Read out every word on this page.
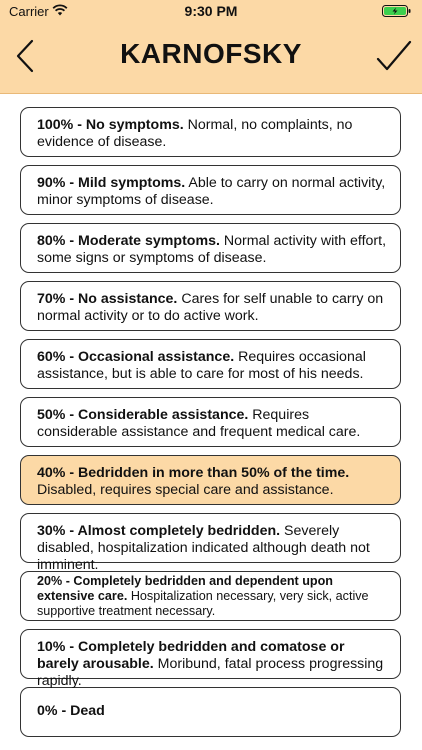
Carrier	9:30 PM
KARNOFSKY
100% - No symptoms. Normal, no complaints, no evidence of disease.
90% - Mild symptoms. Able to carry on normal activity, minor symptoms of disease.
80% - Moderate symptoms. Normal activity with effort, some signs or symptoms of disease.
70% - No assistance. Cares for self unable to carry on normal activity or to do active work.
60% - Occasional assistance. Requires occasional assistance, but is able to care for most of his needs.
50% - Considerable assistance. Requires considerable assistance and frequent medical care.
40% - Bedridden in more than 50% of the time. Disabled, requires special care and assistance.
30% - Almost completely bedridden. Severely disabled, hospitalization indicated although death not imminent.
20% - Completely bedridden and dependent upon extensive care. Hospitalization necessary, very sick, active supportive treatment necessary.
10% - Completely bedridden and comatose or barely arousable. Moribund, fatal process progressing rapidly.
0% - Dead
